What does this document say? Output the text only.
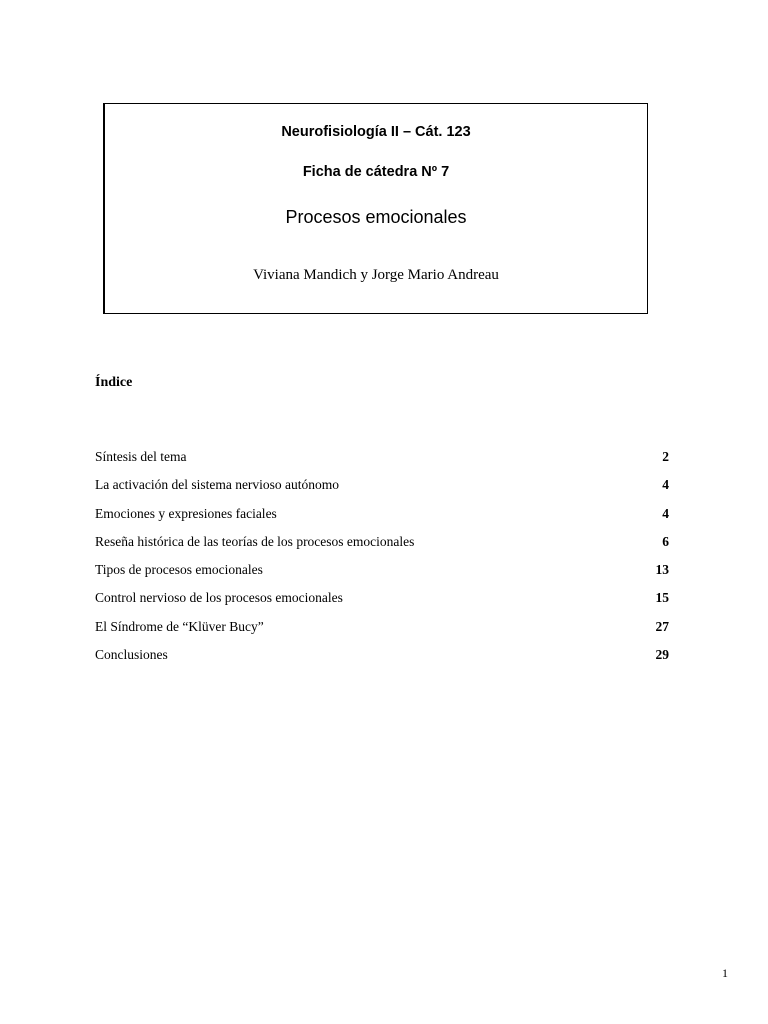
Neurofisiología II – Cát. 123
Ficha de cátedra Nº 7
Procesos emocionales
Viviana Mandich y Jorge Mario Andreau
Índice
Síntesis del tema	2
La activación del sistema nervioso autónomo	4
Emociones y expresiones faciales	4
Reseña histórica de las teorías de los procesos emocionales	6
Tipos de procesos emocionales	13
Control nervioso de los procesos emocionales	15
El Síndrome de “Klüver Bucy”	27
Conclusiones	29
1
